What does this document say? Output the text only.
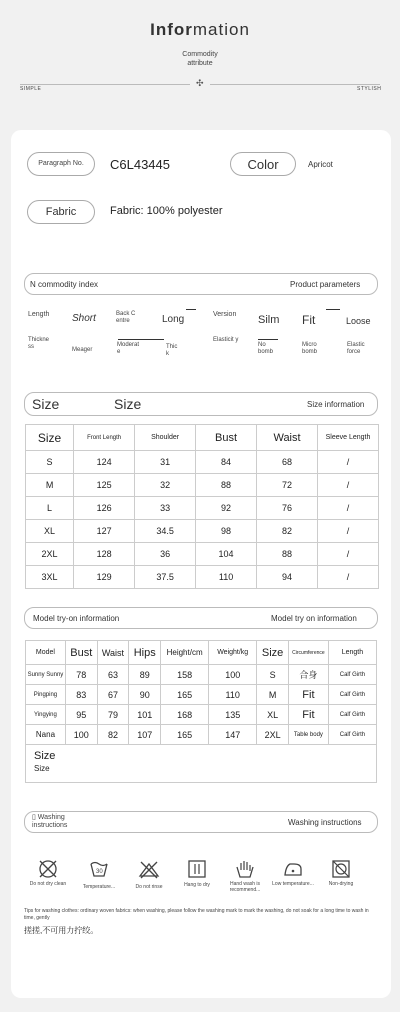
Information
Commodity
attribute
✣
SIMPLE	STYLISH
Paragraph No.	C6L43445	Color	Apricot
Fabric	Fabric: 100% polyester
N commodity index	Product parameters
Length Short	Back C entre	Long	Version Silm Fit	Loose
Thickne ss	Meager
Moderat e
Thic k
Elasticit y
No bomb
Micro bomb
Elastic force
Size	Size	Size information
Size	Front Length	Shoulder	Bust	Waist	Sleeve Length
S	124	31	84	68	/
M	125	32	88	72	/
L	126	33	92	76	/
XL	127	34.5	98	82	/
2XL	128	36	104	88	/
3XL	129	37.5	110	94	/
Model try-on information	Model try on information
Model	Bust	Waist	Hips	Height/cm	Weight/kg	Size	Circumference	Length
Sunny Sunny	78	63	89	158	100	S	合身	Calf Girth
Pingping	83	67	90	165	110	M	Fit	Calf Girth
Yingying	95	79	101	168	135	XL	Fit	Calf Girth
Nana	100	82	107	165	147	2XL	Table body	Calf Girth

Size
Size								
▯ Washing instructions	Washing instructions
30
Do not dry clean	Temperature...	Do not rinse	Hang to dry	Hand wash is recommend...
Low temperature...	Non-drying
Tips for washing clothes: ordinary woven fabrics: when washing, please follow the washing mark to mark the washing, do not soak for a long time to wash in time, gently
搓搓,不可用力拧绞。
